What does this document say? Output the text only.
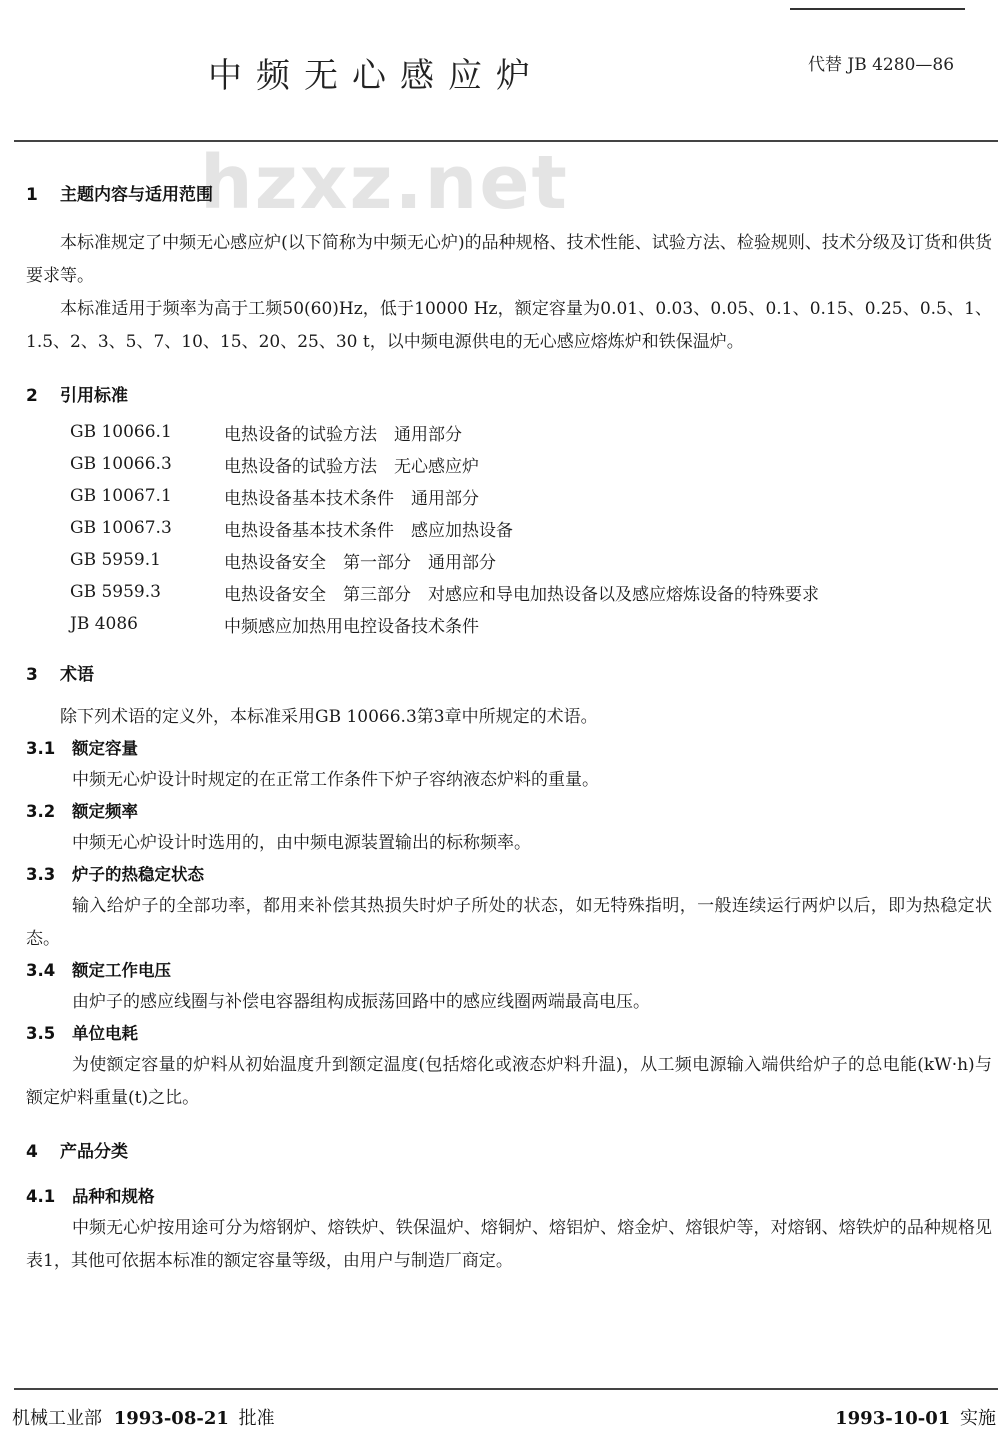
中频无心感应炉	代替 JB 4280—86
hzxz.net
1 主题内容与适用范围

本标准规定了中频无心感应炉(以下简称为中频无心炉)的品种规格、技术性能、试验方法、检验规则、技术分级及订货和供货要求等。

本标准适用于频率为高于工频50(60)Hz，低于10000 Hz，额定容量为0.01、0.03、0.05、0.1、0.15、0.25、0.5、1、1.5、2、3、5、7、10、15、20、25、30 t，以中频电源供电的无心感应熔炼炉和铁保温炉。

2 引用标准
GB 10066.1	电热设备的试验方法　通用部分
GB 10066.3	电热设备的试验方法　无心感应炉
GB 10067.1	电热设备基本技术条件　通用部分
GB 10067.3	电热设备基本技术条件　感应加热设备
GB 5959.1	电热设备安全　第一部分　通用部分
GB 5959.3	电热设备安全　第三部分　对感应和导电加热设备以及感应熔炼设备的特殊要求
JB 4086	中频感应加热用电控设备技术条件
3 术语

除下列术语的定义外，本标准采用GB 10066.3第3章中所规定的术语。

3.1 额定容量

中频无心炉设计时规定的在正常工作条件下炉子容纳液态炉料的重量。

3.2 额定频率

中频无心炉设计时选用的，由中频电源装置输出的标称频率。

3.3 炉子的热稳定状态

输入给炉子的全部功率，都用来补偿其热损失时炉子所处的状态，如无特殊指明，一般连续运行两炉以后，即为热稳定状态。

3.4 额定工作电压

由炉子的感应线圈与补偿电容器组构成振荡回路中的感应线圈两端最高电压。

3.5 单位电耗

为使额定容量的炉料从初始温度升到额定温度(包括熔化或液态炉料升温)，从工频电源输入端供给炉子的总电能(kW·h)与额定炉料重量(t)之比。

4 产品分类
4.1 品种和规格

中频无心炉按用途可分为熔钢炉、熔铁炉、铁保温炉、熔铜炉、熔铝炉、熔金炉、熔银炉等，对熔钢、熔铁炉的品种规格见表1，其他可依据本标准的额定容量等级，由用户与制造厂商定。

机械工业部 1993-08-21 批准	1993-10-01 实施
